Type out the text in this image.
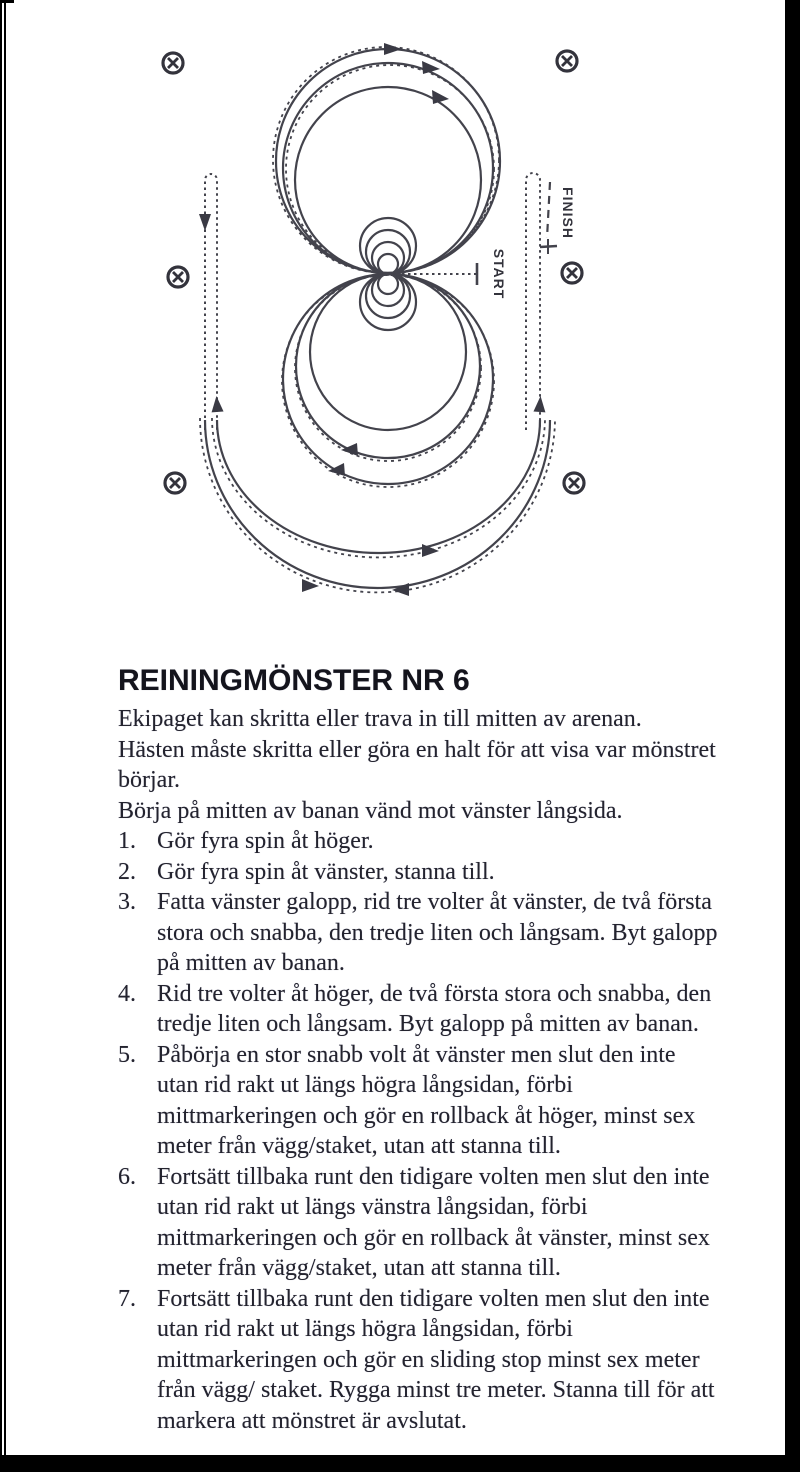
START
FINISH
REININGMÖNSTER NR 6

Ekipaget kan skritta eller trava in till mitten av arenan.

Hästen måste skritta eller göra en halt för att visa var mönstret börjar.

Börja på mitten av banan vänd mot vänster långsida.

1. Gör fyra spin åt höger.
2. Gör fyra spin åt vänster, stanna till.
3. Fatta vänster galopp, rid tre volter åt vänster, de två första stora och snabba, den tredje liten och långsam. Byt galopp på mitten av banan.
4. Rid tre volter åt höger, de två första stora och snabba, den tredje liten och långsam. Byt galopp på mitten av banan.
5. Påbörja en stor snabb volt åt vänster men slut den inte utan rid rakt ut längs högra långsidan, förbi mittmarkeringen och gör en rollback åt höger, minst sex meter från vägg/staket, utan att stanna till.
6. Fortsätt tillbaka runt den tidigare volten men slut den inte utan rid rakt ut längs vänstra långsidan, förbi mittmarkeringen och gör en rollback åt vänster, minst sex meter från vägg/staket, utan att stanna till.
7. Fortsätt tillbaka runt den tidigare volten men slut den inte utan rid rakt ut längs högra långsidan, förbi mittmarkeringen och gör en sliding stop minst sex meter från vägg/ staket. Rygga minst tre meter. Stanna till för att markera att mönstret är avslutat.
